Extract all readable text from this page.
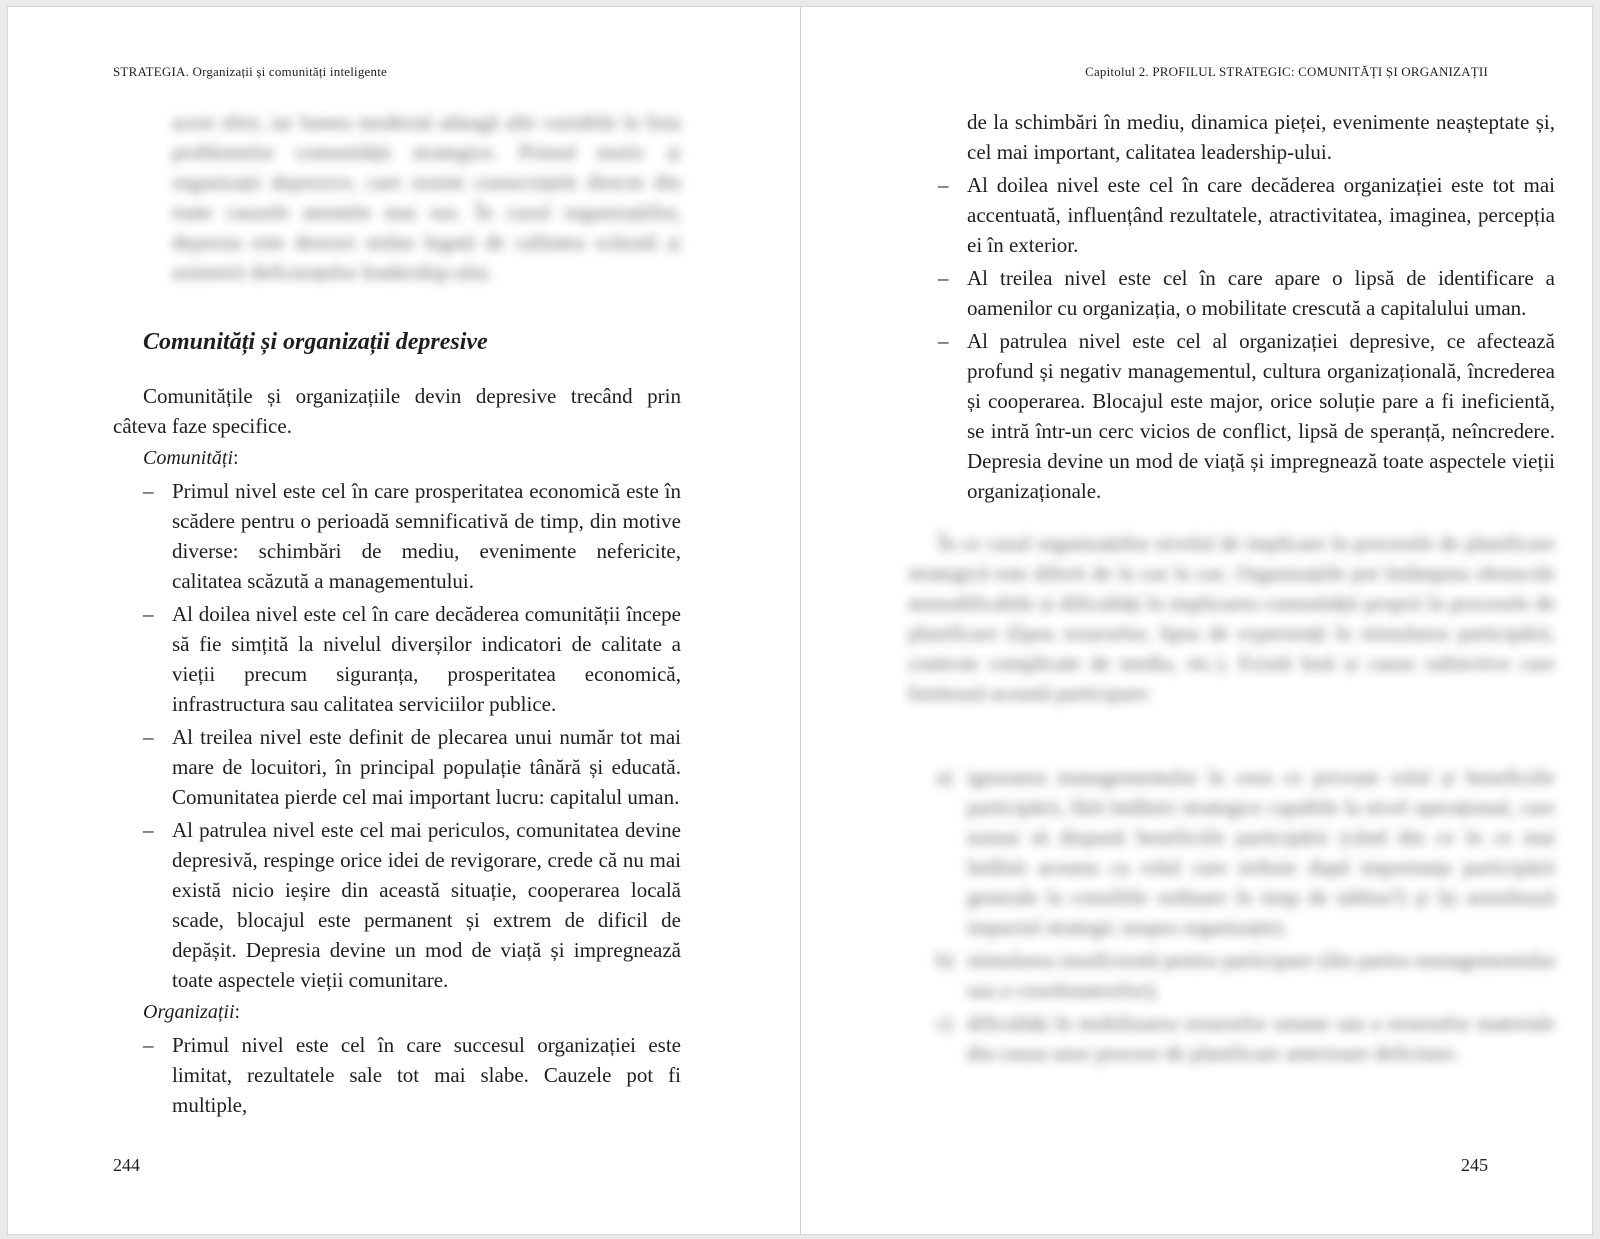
STRATEGIA. Organizații și comunități inteligente

acest sfert, iar lumea modernă adaugă alte variabile la lista problemelor comunității strategice. Primul motiv și organizații depresive, care resimt consecințele directe din toate cauzele amintite mai sus. În cazul organizațiilor, depresia este deseori strâns legată de calitatea scăzută și asimetrii deficiențelor leadership-ului.

Comunități și organizații depresive

Comunitățile și organizațiile devin depresive trecând prin câteva faze specifice.

Comunități:

– Primul nivel este cel în care prosperitatea economică este în scădere pentru o perioadă semnificativă de timp, din motive diverse: schimbări de mediu, evenimente nefericite, calitatea scăzută a managementului.
– Al doilea nivel este cel în care decăderea comunității începe să fie simțită la nivelul diverșilor indicatori de calitate a vieții precum siguranța, prosperitatea economică, infrastructura sau calitatea serviciilor publice.
– Al treilea nivel este definit de plecarea unui număr tot mai mare de locuitori, în principal populație tânără și educată. Comunitatea pierde cel mai important lucru: capitalul uman.
– Al patrulea nivel este cel mai periculos, comunitatea devine depresivă, respinge orice idei de revigorare, crede că nu mai există nicio ieșire din această situație, cooperarea locală scade, blocajul este permanent și extrem de dificil de depășit. Depresia devine un mod de viață și impregnează toate aspectele vieții comunitare.

Organizații:

– Primul nivel este cel în care succesul organizației este limitat, rezultatele sale tot mai slabe. Cauzele pot fi multiple,
244
Capitolul 2. PROFILUL STRATEGIC: COMUNITĂȚI ȘI ORGANIZAȚII

de la schimbări în mediu, dinamica pieței, evenimente neașteptate și, cel mai important, calitatea leadership-ului.

– Al doilea nivel este cel în care decăderea organizației este tot mai accentuată, influențând rezultatele, atractivitatea, imaginea, percepția ei în exterior.
– Al treilea nivel este cel în care apare o lipsă de identificare a oamenilor cu organizația, o mobilitate crescută a capitalului uman.
– Al patrulea nivel este cel al organizației depresive, ce afectează profund și negativ managementul, cultura organizațională, încrederea și cooperarea. Blocajul este major, orice soluție pare a fi ineficientă, se intră într-un cerc vicios de conflict, lipsă de speranță, neîncredere. Depresia devine un mod de viață și impregnează toate aspectele vieții organizaționale.

În ce cazul organizațiilor nivelul de implicare în procesele de planificare strategică este diferit de la caz la caz. Organizațiile pot întâmpina obstacole nemodificabile și dificultăți în implicarea comunității proprii în procesele de planificare (lipsa resurselor, lipsa de experiență în stimularea participării, contexte complicate de mediu, etc.). Există însă și cauze subiective care limitează această participare:

a) ignorarea managementului în ceea ce privește rolul și beneficiile participării, fără întâlniri strategice capabile la nivel operațional, care numai să dispună beneficiile participării (când din ce în ce mai întâlnit aceasta cu rolul care trebuie după importanța participării generale la consiliile ordinare în timp de tablou?) și își asimilează impactul strategic asupra organizației;
b) stimularea insuficientă pentru participare (din partea managementului sau a coordonatorilor);
c) dificultăți în mobilizarea resurselor umane sau a resurselor materiale din cauza unor procese de planificare anterioare deficitare.
245
